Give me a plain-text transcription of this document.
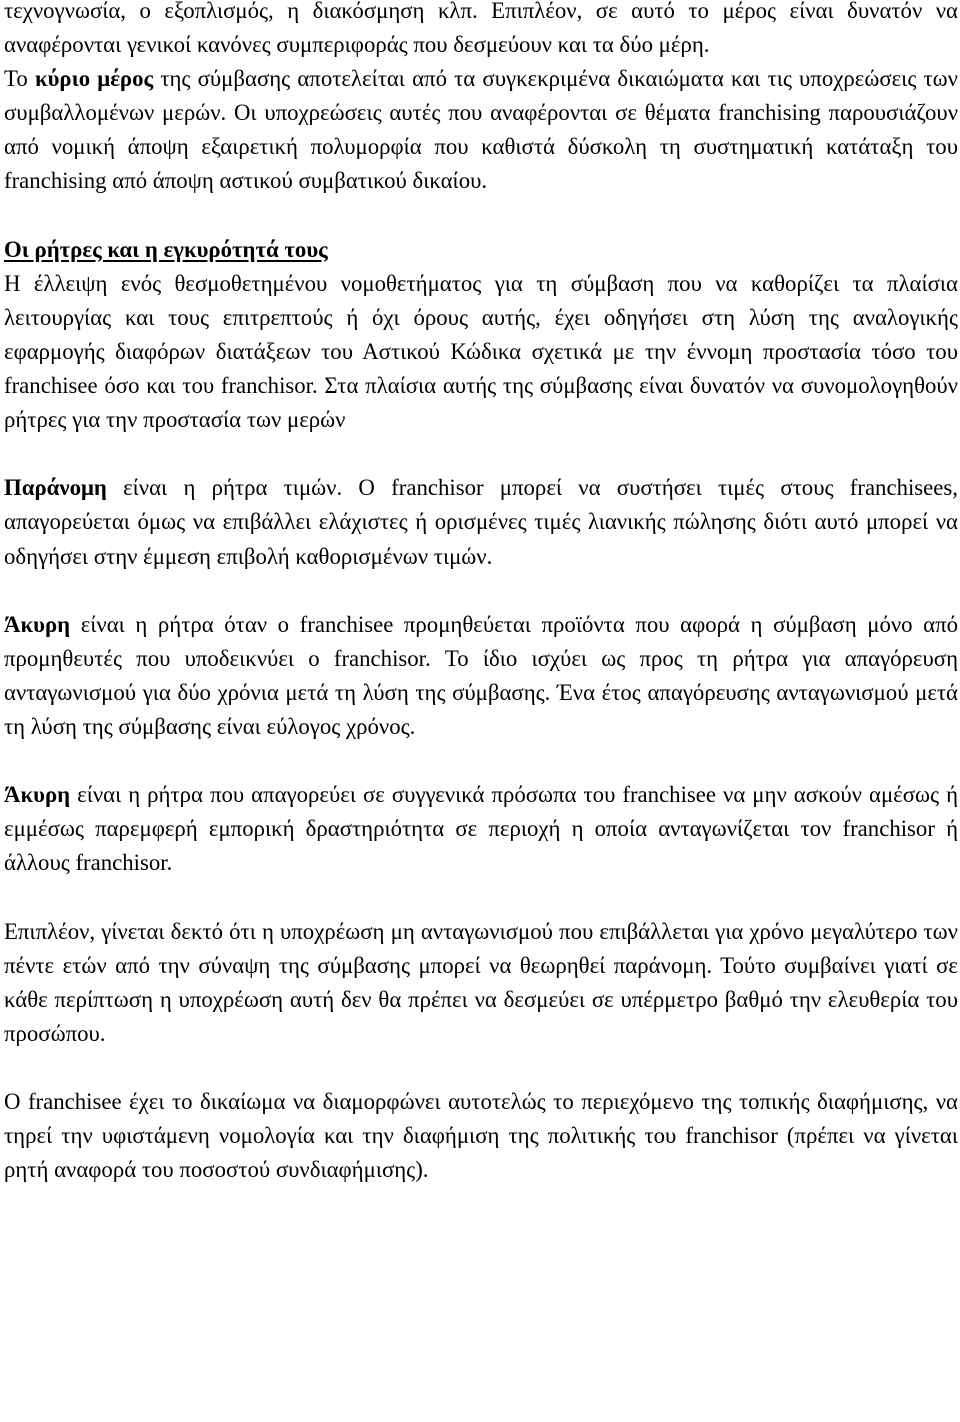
τεχνογνωσία, ο εξοπλισμός, η διακόσμηση κλπ. Επιπλέον, σε αυτό το μέρος είναι δυνατόν να αναφέρονται γενικοί κανόνες συμπεριφοράς που δεσμεύουν και τα δύο μέρη.

Το κύριο μέρος της σύμβασης αποτελείται από τα συγκεκριμένα δικαιώματα και τις υποχρεώσεις των συμβαλλομένων μερών. Οι υποχρεώσεις αυτές που αναφέρονται σε θέματα franchising παρουσιάζουν από νομική άποψη εξαιρετική πολυμορφία που καθιστά δύσκολη τη συστηματική κατάταξη του franchising από άποψη αστικού συμβατικού δικαίου.

Οι ρήτρες και η εγκυρότητά τους

Η έλλειψη ενός θεσμοθετημένου νομοθετήματος για τη σύμβαση που να καθορίζει τα πλαίσια λειτουργίας και τους επιτρεπτούς ή όχι όρους αυτής, έχει οδηγήσει στη λύση της αναλογικής εφαρμογής διαφόρων διατάξεων του Αστικού Κώδικα σχετικά με την έννομη προστασία τόσο του franchisee όσο και του franchisor. Στα πλαίσια αυτής της σύμβασης είναι δυνατόν να συνομολογηθούν ρήτρες για την προστασία των μερών

Παράνομη είναι η ρήτρα τιμών. Ο franchisor μπορεί να συστήσει τιμές στους franchisees, απαγορεύεται όμως να επιβάλλει ελάχιστες ή ορισμένες τιμές λιανικής πώλησης διότι αυτό μπορεί να οδηγήσει στην έμμεση επιβολή καθορισμένων τιμών.

Άκυρη είναι η ρήτρα όταν ο franchisee προμηθεύεται προϊόντα που αφορά η σύμβαση μόνο από προμηθευτές που υποδεικνύει ο franchisor. Το ίδιο ισχύει ως προς τη ρήτρα για απαγόρευση ανταγωνισμού για δύο χρόνια μετά τη λύση της σύμβασης. Ένα έτος απαγόρευσης ανταγωνισμού μετά τη λύση της σύμβασης είναι εύλογος χρόνος.

Άκυρη είναι η ρήτρα που απαγορεύει σε συγγενικά πρόσωπα του franchisee να μην ασκούν αμέσως ή εμμέσως παρεμφερή εμπορική δραστηριότητα σε περιοχή η οποία ανταγωνίζεται τον franchisor ή άλλους franchisor.

Επιπλέον, γίνεται δεκτό ότι η υποχρέωση μη ανταγωνισμού που επιβάλλεται για χρόνο μεγαλύτερο των πέντε ετών από την σύναψη της σύμβασης μπορεί να θεωρηθεί παράνομη. Τούτο συμβαίνει γιατί σε κάθε περίπτωση η υποχρέωση αυτή δεν θα πρέπει να δεσμεύει σε υπέρμετρο βαθμό την ελευθερία του προσώπου.

Ο franchisee έχει το δικαίωμα να διαμορφώνει αυτοτελώς το περιεχόμενο της τοπικής διαφήμισης, να τηρεί την υφιστάμενη νομολογία και την διαφήμιση της πολιτικής του franchisor (πρέπει να γίνεται ρητή αναφορά του ποσοστού συνδιαφήμισης).
